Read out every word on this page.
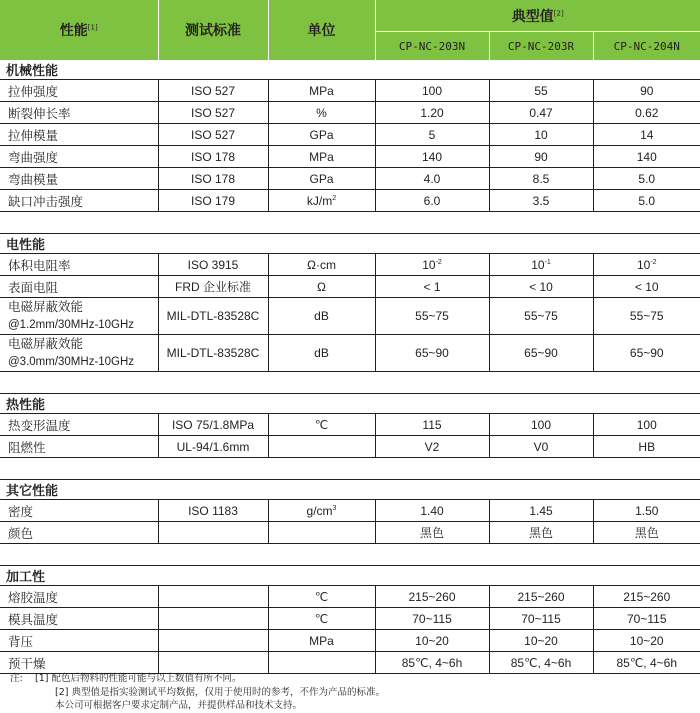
性能[1]	测试标准	单位	典型值[2]
			CP-NC-203N	CP-NC-203R	CP-NC-204N
机械性能					

拉伸强度	ISO 527	MPa	100	55	90

断裂伸长率	ISO 527	%	1.20	0.47	0.62

拉伸模量	ISO 527	GPa	5	10	14

弯曲强度	ISO 178	MPa	140	90	140

弯曲模量	ISO 178	GPa	4.0	8.5	5.0

缺口冲击强度	ISO 179	$kJ/m^2$	6.0	3.5	5.0

电性能					

体积电阻率	ISO 3915	Ω·cm	$10^{-2}$	$10^{-1}$	$10^{-2}$

表面电阻	FRD 企业标准	Ω	< 1	< 10	< 10

电磁屏蔽效能
@1.2mm/30MHz-10GHz	MIL-DTL-83528C	dB	55~75	55~75	55~75

电磁屏蔽效能
@3.0mm/30MHz-10GHz	MIL-DTL-83528C	dB	65~90	65~90	65~90

热性能					

热变形温度	ISO 75/1.8MPa	℃	115	100	100

阻燃性	UL-94/1.6mm		V2	V0	HB

其它性能					

密度	ISO 1183	$g/cm^3$	1.40	1.45	1.50

颜色			黑色	黑色	黑色

加工性					

熔胶温度		℃	215~260	215~260	215~260

模具温度		℃	70~115	70~115	70~115

背压		MPa	10~20	10~20	10~20

预干燥			85℃, 4~6h	85℃, 4~6h	85℃, 4~6h
注: [1] 配色后物料的性能可能与以上数值有所不同。
[2] 典型值是指实验测试平均数据，仅用于使用时的参考，不作为产品的标准。
本公司可根据客户要求定制产品，并提供样品和技术支持。
